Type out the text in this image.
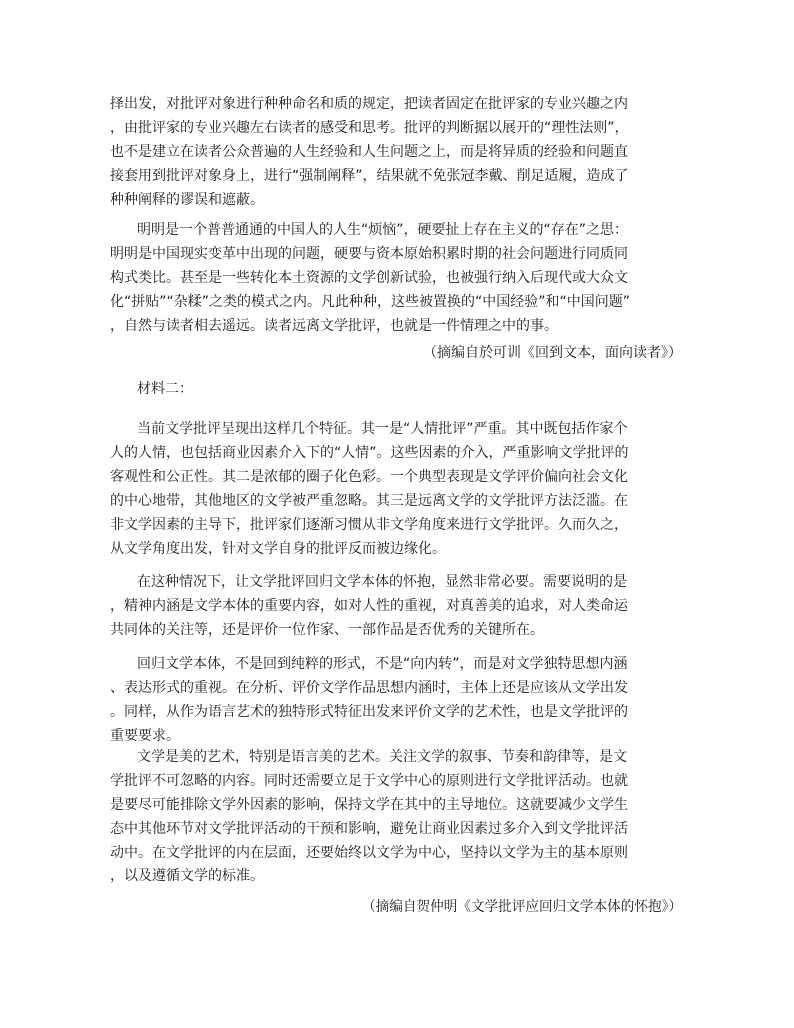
择出发，对批评对象进行种种命名和质的规定，把读者固定在批评家的专业兴趣之内
，由批评家的专业兴趣左右读者的感受和思考。批评的判断据以展开的“理性法则”，
也不是建立在读者公众普遍的人生经验和人生问题之上，而是将异质的经验和问题直
接套用到批评对象身上，进行“强制阐释”，结果就不免张冠李戴、削足适履，造成了
种种阐释的谬误和遮蔽。
明明是一个普普通通的中国人的人生“烦恼”，硬要扯上存在主义的“存在”之思：
明明是中国现实变革中出现的问题，硬要与资本原始积累时期的社会问题进行同质同
构式类比。甚至是一些转化本土资源的文学创新试验，也被强行纳入后现代或大众文
化“拼贴”“杂糅”之类的模式之内。凡此种种，这些被置换的“中国经验”和“中国问题”
，自然与读者相去遥远。读者远离文学批评，也就是一件情理之中的事。
（摘编自於可训《回到文本，面向读者》）
材料二：
当前文学批评呈现出这样几个特征。其一是“人情批评”严重。其中既包括作家个
人的人情，也包括商业因素介入下的“人情”。这些因素的介入，严重影响文学批评的
客观性和公正性。其二是浓郁的圈子化色彩。一个典型表现是文学评价偏向社会文化
的中心地带，其他地区的文学被严重忽略。其三是远离文学的文学批评方法泛滥。在
非文学因素的主导下，批评家们逐渐习惯从非文学角度来进行文学批评。久而久之，
从文学角度出发，针对文学自身的批评反而被边缘化。
在这种情况下，让文学批评回归文学本体的怀抱，显然非常必要。需要说明的是
，精神内涵是文学本体的重要内容，如对人性的重视，对真善美的追求，对人类命运
共同体的关注等，还是评价一位作家、一部作品是否优秀的关键所在。
回归文学本体，不是回到纯粹的形式，不是“向内转”，而是对文学独特思想内涵
、表达形式的重视。在分析、评价文学作品思想内涵时，主体上还是应该从文学出发
。同样，从作为语言艺术的独特形式特征出发来评价文学的艺术性，也是文学批评的
重要要求。
文学是美的艺术，特别是语言美的艺术。关注文学的叙事、节奏和韵律等，是文
学批评不可忽略的内容。同时还需要立足于文学中心的原则进行文学批评活动。也就
是要尽可能排除文学外因素的影响，保持文学在其中的主导地位。这就要减少文学生
态中其他环节对文学批评活动的干预和影响，避免让商业因素过多介入到文学批评活
动中。在文学批评的内在层面，还要始终以文学为中心，坚持以文学为主的基本原则
，以及遵循文学的标准。
（摘编自贺仲明《文学批评应回归文学本体的怀抱》）
